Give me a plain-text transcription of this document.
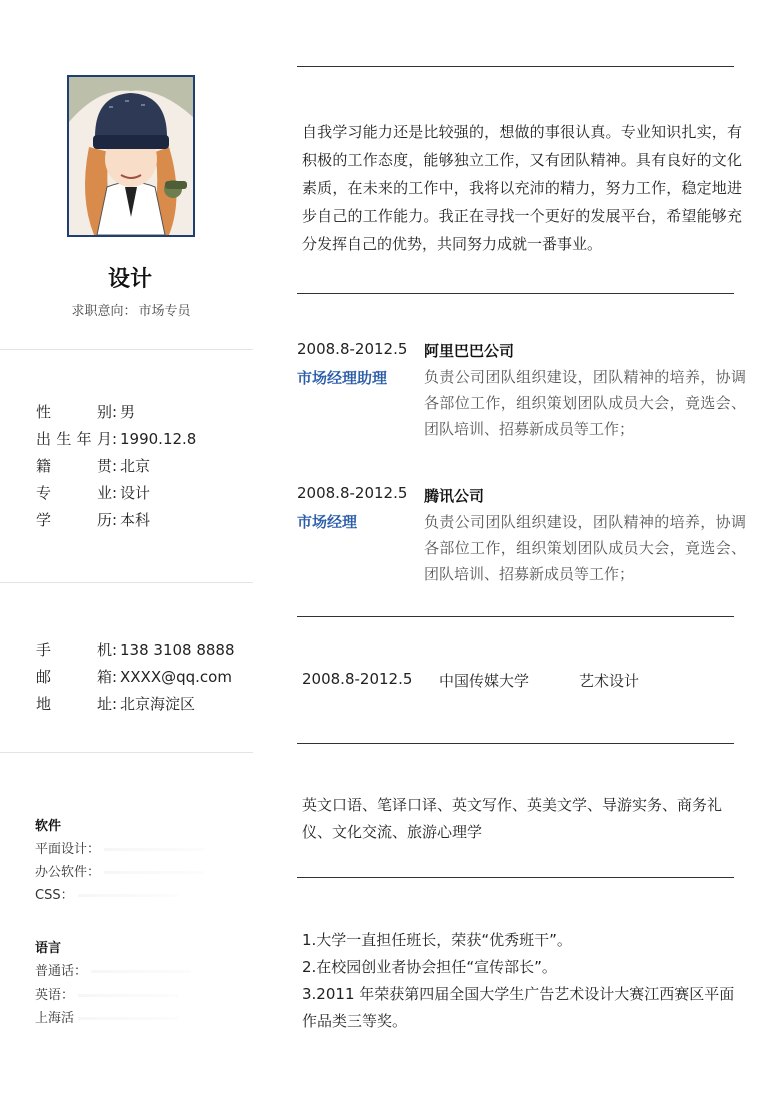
设计
求职意向： 市场专员
性别: 男
出生年月: 1990.12.8
籍贯: 北京
专业: 设计
学历: 本科
手机: 138 3108 8888
邮箱: XXXX@qq.com
地址: 北京海淀区
软件
平面设计：
办公软件：
CSS：
语言
普通话：
英语：
上海活
自我学习能力还是比较强的，想做的事很认真。专业知识扎实，有积极的工作态度，能够独立工作，又有团队精神。具有良好的文化素质，在未来的工作中，我将以充沛的精力，努力工作，稳定地进步自己的工作能力。我正在寻找一个更好的发展平台，希望能够充分发挥自己的优势，共同努力成就一番事业。
2008.8-2012.5 阿里巴巴公司
市场经理助理 负责公司团队组织建设，团队精神的培养，协调各部位工作，组织策划团队成员大会，竟选会、团队培训、招募新成员等工作；
2008.8-2012.5 腾讯公司
市场经理	负责公司团队组织建设，团队精神的培养，协调各部位工作，组织策划团队成员大会，竟选会、团队培训、招募新成员等工作；
2008.8-2012.5 中国传媒大学	艺术设计
英文口语、笔译口译、英文写作、英美文学、导游实务、商务礼仪、文化交流、旅游心理学
1.大学一直担任班长，荣获“优秀班干”。
2.在校园创业者协会担任“宣传部长”。
3.2011 年荣获第四届全国大学生广告艺术设计大赛江西赛区平面作品类三等奖。
